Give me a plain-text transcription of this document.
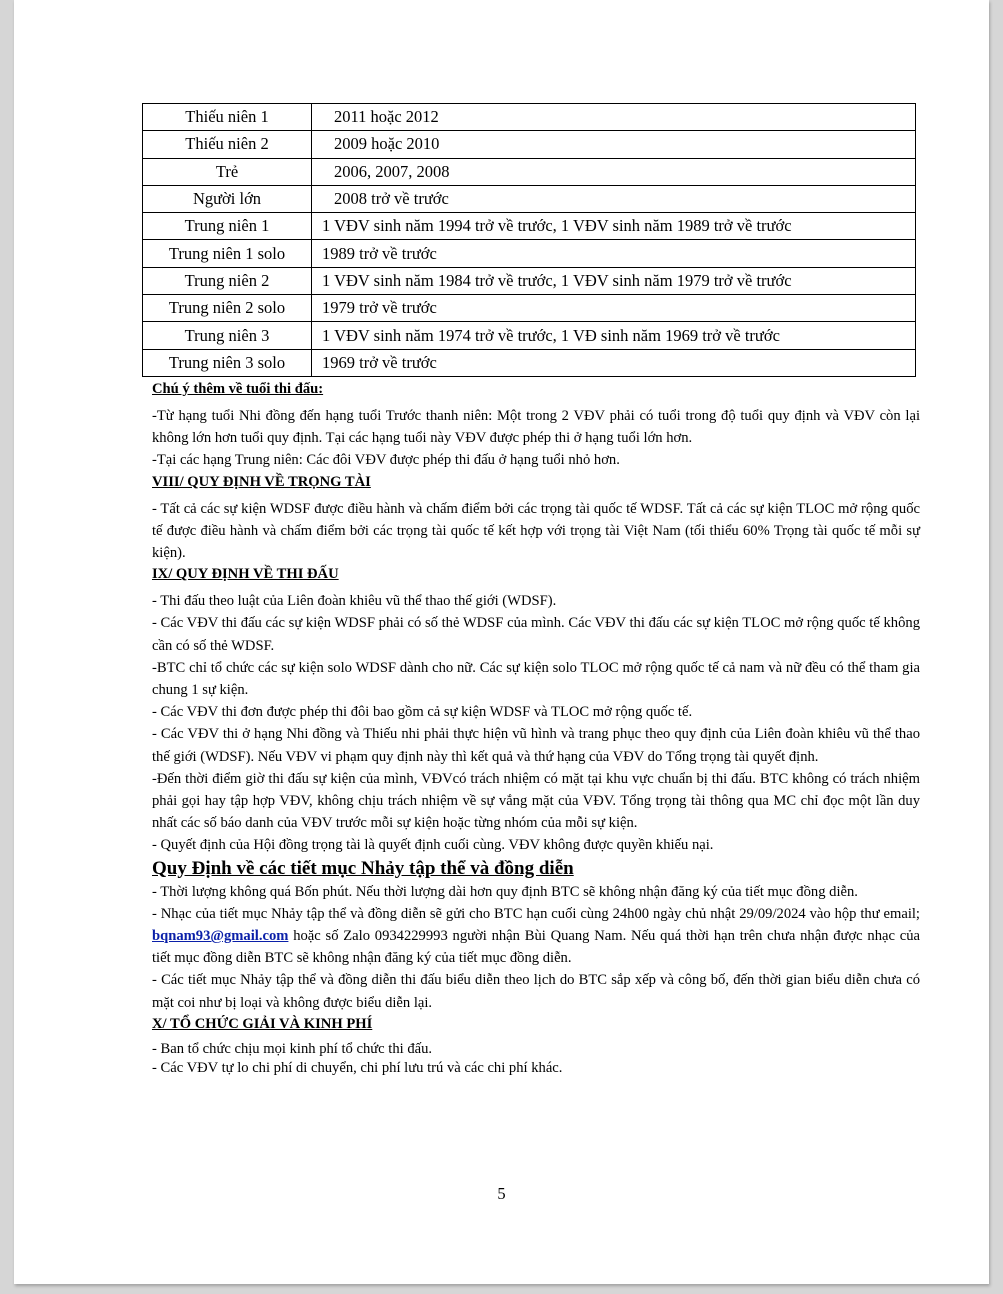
Thiếu niên 1	2011 hoặc 2012
Thiếu niên 2	2009 hoặc 2010
Trẻ	2006, 2007, 2008
Người lớn	2008 trở về trước
Trung niên 1	1 VĐV sinh năm 1994 trở về trước, 1 VĐV sinh năm 1989 trở về trước
Trung niên 1 solo	1989 trở về trước
Trung niên 2	1 VĐV sinh năm 1984 trở về trước, 1 VĐV sinh năm 1979 trở về trước
Trung niên 2 solo	1979 trở về trước
Trung niên 3	1 VĐV sinh năm 1974 trở về trước, 1 VĐ sinh năm 1969 trở về trước
Trung niên 3 solo	1969 trở về trước
Chú ý thêm về tuổi thi đấu:

-Từ hạng tuổi Nhi đồng đến hạng tuổi Trước thanh niên: Một trong 2 VĐV phải có tuổi trong độ tuổi quy định và VĐV còn lại không lớn hơn tuổi quy định. Tại các hạng tuổi này VĐV được phép thi ở hạng tuổi lớn hơn.

-Tại các hạng Trung niên: Các đôi VĐV được phép thi đấu ở hạng tuổi nhỏ hơn.

VIII/ QUY ĐỊNH VỀ TRỌNG TÀI

- Tất cả các sự kiện WDSF được điều hành và chấm điểm bởi các trọng tài quốc tế WDSF. Tất cả các sự kiện TLOC mở rộng quốc tế được điều hành và chấm điểm bởi các trọng tài quốc tế kết hợp với trọng tài Việt Nam (tối thiểu 60% Trọng tài quốc tế mỗi sự kiện).

IX/ QUY ĐỊNH VỀ THI ĐẤU

- Thi đấu theo luật của Liên đoàn khiêu vũ thể thao thế giới (WDSF).

- Các VĐV thi đấu các sự kiện WDSF phải có số thẻ WDSF của mình. Các VĐV thi đấu các sự kiện TLOC mở rộng quốc tế không cần có số thẻ WDSF.

-BTC chỉ tổ chức các sự kiện solo WDSF dành cho nữ. Các sự kiện solo TLOC mở rộng quốc tế cả nam và nữ đều có thể tham gia chung 1 sự kiện.

- Các VĐV thi đơn được phép thi đôi bao gồm cả sự kiện WDSF và TLOC mở rộng quốc tế.

- Các VĐV thi ở hạng Nhi đồng và Thiếu nhi phải thực hiện vũ hình và trang phục theo quy định của Liên đoàn khiêu vũ thể thao thế giới (WDSF). Nếu VĐV vi phạm quy định này thì kết quả và thứ hạng của VĐV do Tổng trọng tài quyết định.

-Đến thời điểm giờ thi đấu sự kiện của mình, VĐVcó trách nhiệm có mặt tại khu vực chuẩn bị thi đấu. BTC không có trách nhiệm phải gọi hay tập hợp VĐV, không chịu trách nhiệm về sự vắng mặt của VĐV. Tổng trọng tài thông qua MC chỉ đọc một lần duy nhất các số báo danh của VĐV trước mỗi sự kiện hoặc từng nhóm của mỗi sự kiện.

- Quyết định của Hội đồng trọng tài là quyết định cuối cùng. VĐV không được quyền khiếu nại.

Quy Định về các tiết mục Nhảy tập thể và đồng diễn

- Thời lượng không quá Bốn phút. Nếu thời lượng dài hơn quy định BTC sẽ không nhận đăng ký của tiết mục đồng diễn.

- Nhạc của tiết mục Nhảy tập thể và đồng diễn sẽ gửi cho BTC hạn cuối cùng 24h00 ngày chủ nhật 29/09/2024 vào hộp thư email; bqnam93@gmail.com hoặc số Zalo 0934229993 người nhận Bùi Quang Nam. Nếu quá thời hạn trên chưa nhận được nhạc của tiết mục đồng diễn BTC sẽ không nhận đăng ký của tiết mục đồng diễn.

- Các tiết mục Nhảy tập thể và đồng diễn thi đấu biểu diễn theo lịch do BTC sắp xếp và công bố, đến thời gian biểu diễn chưa có mặt coi như bị loại và không được biểu diễn lại.

X/ TỔ CHỨC GIẢI VÀ KINH PHÍ

- Ban tổ chức chịu mọi kinh phí tổ chức thi đấu.

- Các VĐV tự lo chi phí di chuyển, chi phí lưu trú và các chi phí khác.

5
